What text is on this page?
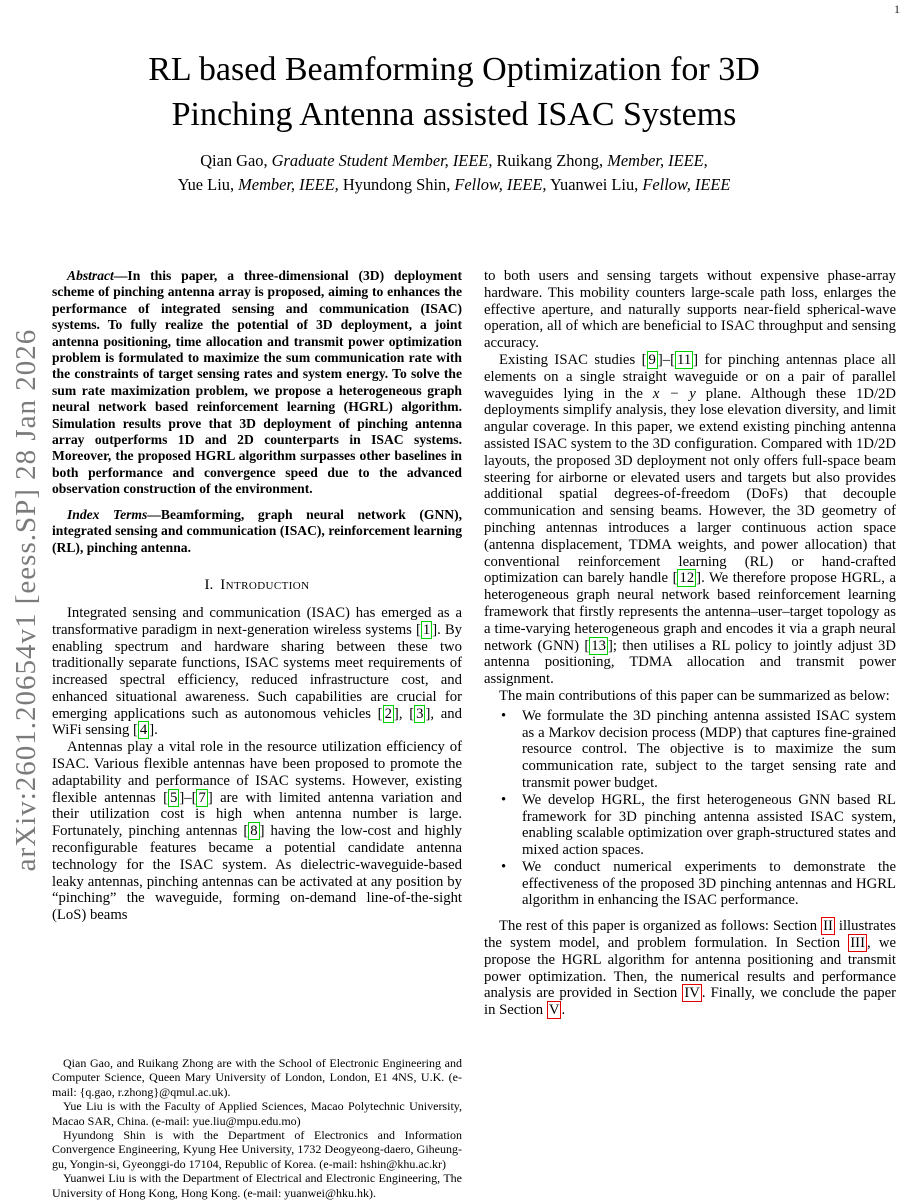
1
arXiv:2601.20654v1 [eess.SP] 28 Jan 2026
RL based Beamforming Optimization for 3D
Pinching Antenna assisted ISAC Systems
Qian Gao, Graduate Student Member, IEEE, Ruikang Zhong, Member, IEEE,
Yue Liu, Member, IEEE, Hyundong Shin, Fellow, IEEE, Yuanwei Liu, Fellow, IEEE

Abstract—In this paper, a three-dimensional (3D) deployment scheme of pinching antenna array is proposed, aiming to enhances the performance of integrated sensing and communication (ISAC) systems. To fully realize the potential of 3D deployment, a joint antenna positioning, time allocation and transmit power optimization problem is formulated to maximize the sum communication rate with the constraints of target sensing rates and system energy. To solve the sum rate maximization problem, we propose a heterogeneous graph neural network based reinforcement learning (HGRL) algorithm. Simulation results prove that 3D deployment of pinching antenna array outperforms 1D and 2D counterparts in ISAC systems. Moreover, the proposed HGRL algorithm surpasses other baselines in both performance and convergence speed due to the advanced observation construction of the environment.

Index Terms—Beamforming, graph neural network (GNN), integrated sensing and communication (ISAC), reinforcement learning (RL), pinching antenna.

I. Introduction

Integrated sensing and communication (ISAC) has emerged as a transformative paradigm in next-generation wireless systems [ 1 ]. By enabling spectrum and hardware sharing between these two traditionally separate functions, ISAC systems meet requirements of increased spectral efficiency, reduced infrastructure cost, and enhanced situational awareness. Such capabilities are crucial for emerging applications such as autonomous vehicles [ 2 ], [ 3 ], and WiFi sensing [ 4 ].

Antennas play a vital role in the resource utilization efficiency of ISAC. Various flexible antennas have been proposed to promote the adaptability and performance of ISAC systems. However, existing flexible antennas [ 5 ]–[ 7 ] are with limited antenna variation and their utilization cost is high when antenna number is large. Fortunately, pinching antennas [ 8 ] having the low-cost and highly reconfigurable features became a potential candidate antenna technology for the ISAC system. As dielectric-waveguide-based leaky antennas, pinching antennas can be activated at any position by “pinching” the waveguide, forming on-demand line-of-the-sight (LoS) beams

Qian Gao, and Ruikang Zhong are with the School of Electronic Engineering and Computer Science, Queen Mary University of London, London, E1 4NS, U.K. (e-mail: {q.gao, r.zhong}@qmul.ac.uk).

Yue Liu is with the Faculty of Applied Sciences, Macao Polytechnic University, Macao SAR, China. (e-mail: yue.liu@mpu.edu.mo)

Hyundong Shin is with the Department of Electronics and Information Convergence Engineering, Kyung Hee University, 1732 Deogyeong-daero, Giheung-gu, Yongin-si, Gyeonggi-do 17104, Republic of Korea. (e-mail: hshin@khu.ac.kr)

Yuanwei Liu is with the Department of Electrical and Electronic Engineering, The University of Hong Kong, Hong Kong. (e-mail: yuanwei@hku.hk).

to both users and sensing targets without expensive phase-array hardware. This mobility counters large-scale path loss, enlarges the effective aperture, and naturally supports near-field spherical-wave operation, all of which are beneficial to ISAC throughput and sensing accuracy.

Existing ISAC studies [ 9 ]–[ 11 ] for pinching antennas place all elements on a single straight waveguide or on a pair of parallel waveguides lying in the x − y plane. Although these 1D/2D deployments simplify analysis, they lose elevation diversity, and limit angular coverage. In this paper, we extend existing pinching antenna assisted ISAC system to the 3D configuration. Compared with 1D/2D layouts, the proposed 3D deployment not only offers full-space beam steering for airborne or elevated users and targets but also provides additional spatial degrees-of-freedom (DoFs) that decouple communication and sensing beams. However, the 3D geometry of pinching antennas introduces a larger continuous action space (antenna displacement, TDMA weights, and power allocation) that conventional reinforcement learning (RL) or hand-crafted optimization can barely handle [ 12 ]. We therefore propose HGRL, a heterogeneous graph neural network based reinforcement learning framework that firstly represents the antenna–user–target topology as a time-varying heterogeneous graph and encodes it via a graph neural network (GNN) [ 13 ]; then utilises a RL policy to jointly adjust 3D antenna positioning, TDMA allocation and transmit power assignment.

The main contributions of this paper can be summarized as below:

• We formulate the 3D pinching antenna assisted ISAC system as a Markov decision process (MDP) that captures fine-grained resource control. The objective is to maximize the sum communication rate, subject to the target sensing rate and transmit power budget.
• We develop HGRL, the first heterogeneous GNN based RL framework for 3D pinching antenna assisted ISAC system, enabling scalable optimization over graph-structured states and mixed action spaces.
• We conduct numerical experiments to demonstrate the effectiveness of the proposed 3D pinching antennas and HGRL algorithm in enhancing the ISAC performance.

The rest of this paper is organized as follows: Section II illustrates the system model, and problem formulation. In Section III , we propose the HGRL algorithm for antenna positioning and transmit power optimization. Then, the numerical results and performance analysis are provided in Section IV . Finally, we conclude the paper in Section V .
